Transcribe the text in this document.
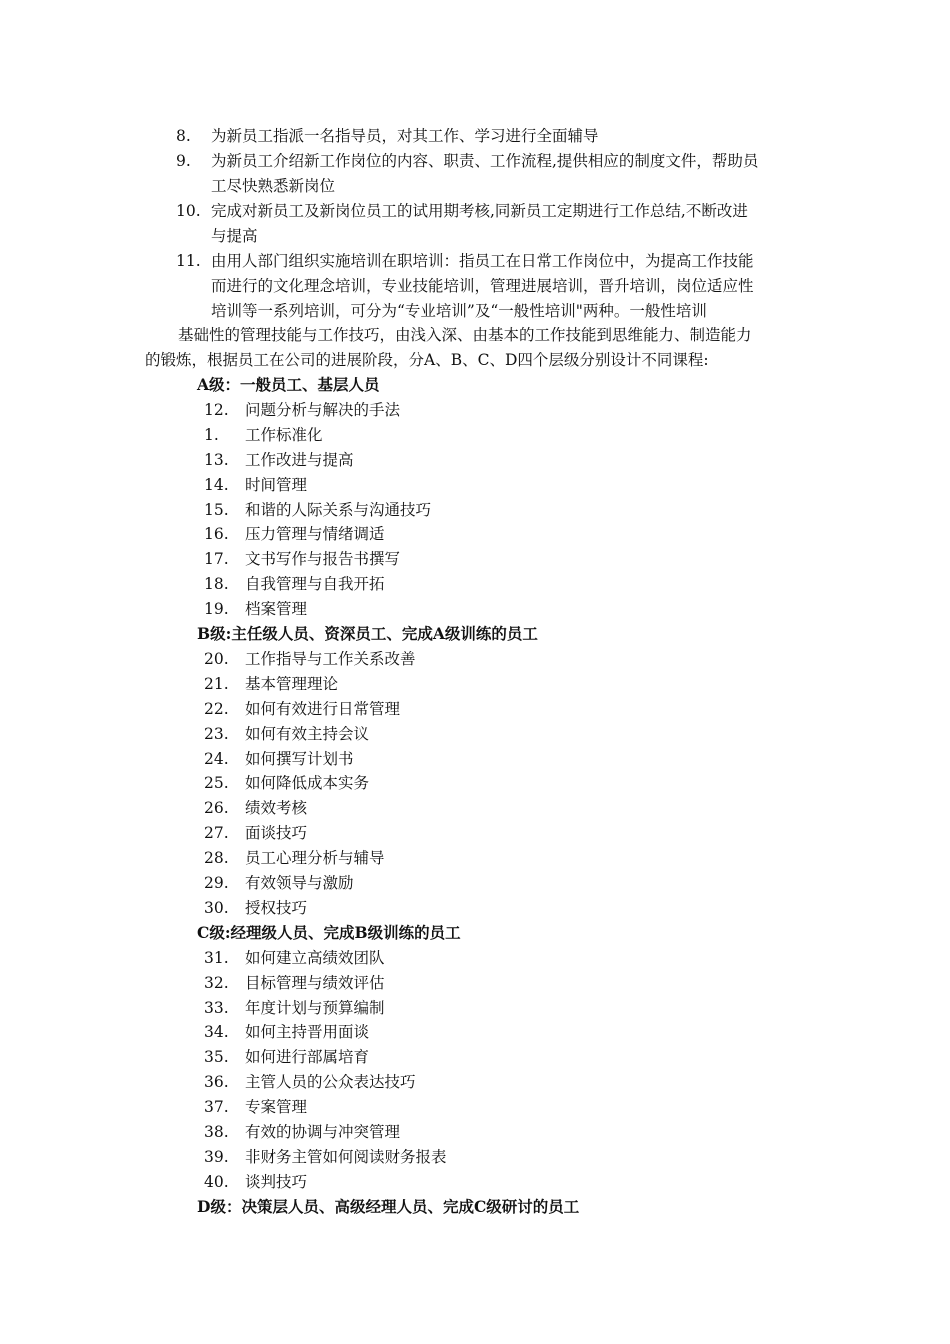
8. 为新员工指派一名指导员，对其工作、学习进行全面辅导
9. 为新员工介绍新工作岗位的内容、职责、工作流程,提供相应的制度文件，帮助员
工尽快熟悉新岗位
10. 完成对新员工及新岗位员工的试用期考核,同新员工定期进行工作总结,不断改进
与提高
11. 由用人部门组织实施培训在职培训：指员工在日常工作岗位中，为提高工作技能
而进行的文化理念培训，专业技能培训，管理进展培训，晋升培训，岗位适应性
培训等一系列培训，可分为“专业培训”及“一般性培训"两种。一般性培训
基础性的管理技能与工作技巧，由浅入深、由基本的工作技能到思维能力、制造能力
的锻炼，根据员工在公司的进展阶段，分A、B、C、D四个层级分别设计不同课程:
A级：一般员工、基层人员
12. 问题分析与解决的手法
1. 工作标准化
13. 工作改进与提高
14. 时间管理
15. 和谐的人际关系与沟通技巧
16. 压力管理与情绪调适
17. 文书写作与报告书撰写
18. 自我管理与自我开拓
19. 档案管理
B级:主任级人员、资深员工、完成A级训练的员工
20. 工作指导与工作关系改善
21. 基本管理理论
22. 如何有效进行日常管理
23. 如何有效主持会议
24. 如何撰写计划书
25. 如何降低成本实务
26. 绩效考核
27. 面谈技巧
28. 员工心理分析与辅导
29. 有效领导与激励
30. 授权技巧
C级:经理级人员、完成B级训练的员工
31. 如何建立高绩效团队
32. 目标管理与绩效评估
33. 年度计划与预算编制
34. 如何主持晋用面谈
35. 如何进行部属培育
36. 主管人员的公众表达技巧
37. 专案管理
38. 有效的协调与冲突管理
39. 非财务主管如何阅读财务报表
40. 谈判技巧
D级：决策层人员、高级经理人员、完成C级研讨的员工
